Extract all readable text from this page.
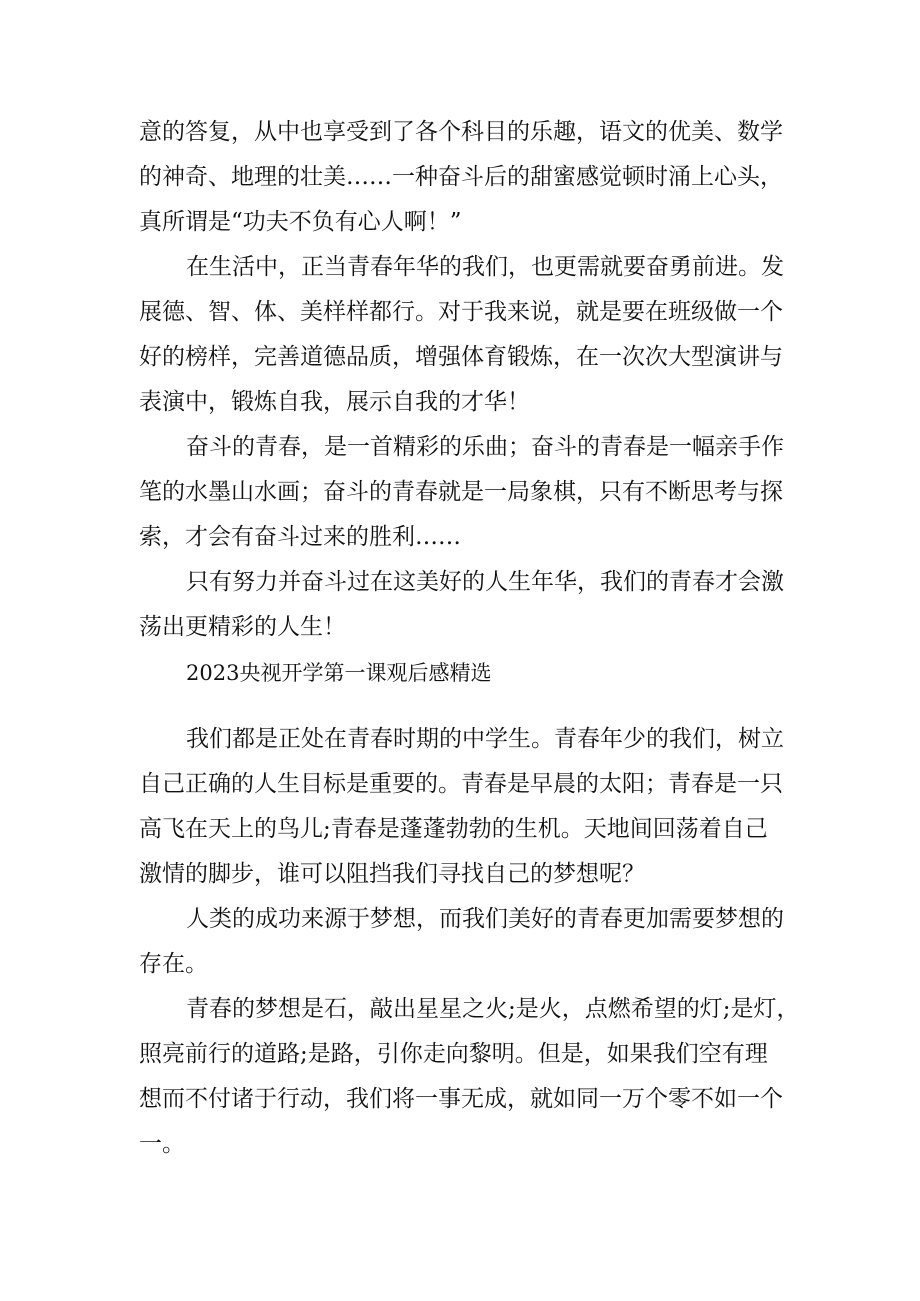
意的答复，从中也享受到了各个科目的乐趣，语文的优美、数学

的神奇、地理的壮美……一种奋斗后的甜蜜感觉顿时涌上心头，

真所谓是“功夫不负有心人啊！”

在生活中，正当青春年华的我们，也更需就要奋勇前进。发

展德、智、体、美样样都行。对于我来说，就是要在班级做一个

好的榜样，完善道德品质，增强体育锻炼，在一次次大型演讲与

表演中，锻炼自我，展示自我的才华！

奋斗的青春，是一首精彩的乐曲；奋斗的青春是一幅亲手作

笔的水墨山水画；奋斗的青春就是一局象棋，只有不断思考与探

索，才会有奋斗过来的胜利……

只有努力并奋斗过在这美好的人生年华，我们的青春才会激

荡出更精彩的人生！

2023央视开学第一课观后感精选

我们都是正处在青春时期的中学生。青春年少的我们，树立

自己正确的人生目标是重要的。青春是早晨的太阳；青春是一只

高飞在天上的鸟儿;青春是蓬蓬勃勃的生机。天地间回荡着自己

激情的脚步，谁可以阻挡我们寻找自己的梦想呢？

人类的成功来源于梦想，而我们美好的青春更加需要梦想的

存在。

青春的梦想是石，敲出星星之火;是火，点燃希望的灯;是灯，

照亮前行的道路;是路，引你走向黎明。但是，如果我们空有理

想而不付诸于行动，我们将一事无成，就如同一万个零不如一个

一。
